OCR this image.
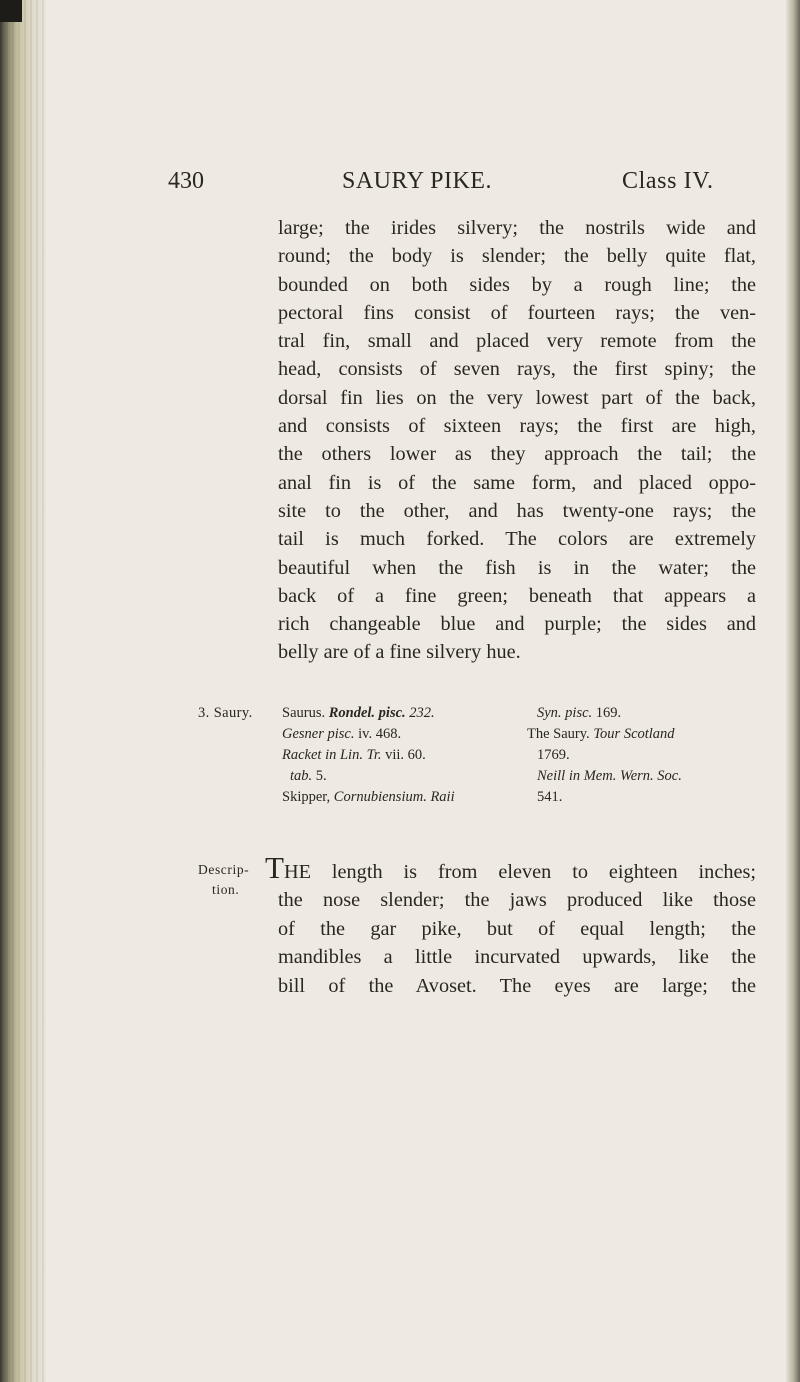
430	SAURY PIKE.	Class IV.
large; the irides silvery; the nostrils wide and
round; the body is slender; the belly quite flat,
bounded on both sides by a rough line; the
pectoral fins consist of fourteen rays; the ven-
tral fin, small and placed very remote from the
head, consists of seven rays, the first spiny; the
dorsal fin lies on the very lowest part of the back,
and consists of sixteen rays; the first are high,
the others lower as they approach the tail; the
anal fin is of the same form, and placed oppo-
site to the other, and has twenty-one rays; the
tail is much forked. The colors are extremely
beautiful when the fish is in the water; the
back of a fine green; beneath that appears a
rich changeable blue and purple; the sides and
belly are of a fine silvery hue.
3. Saury. Saurus. Rondel. pisc. 232.
Gesner pisc. iv. 468.
Racket in Lin. Tr. vii. 60.
tab. 5.
Skipper, Cornubiensium. Raii
Syn. pisc. 169.
The Saury. Tour Scotland
1769.
Neill in Mem. Wern. Soc.
541.
Descrip-
tion.
THE length is from eleven to eighteen inches;
the nose slender; the jaws produced like those
of the gar pike, but of equal length; the
mandibles a little incurvated upwards, like the
bill of the Avoset. The eyes are large; the
